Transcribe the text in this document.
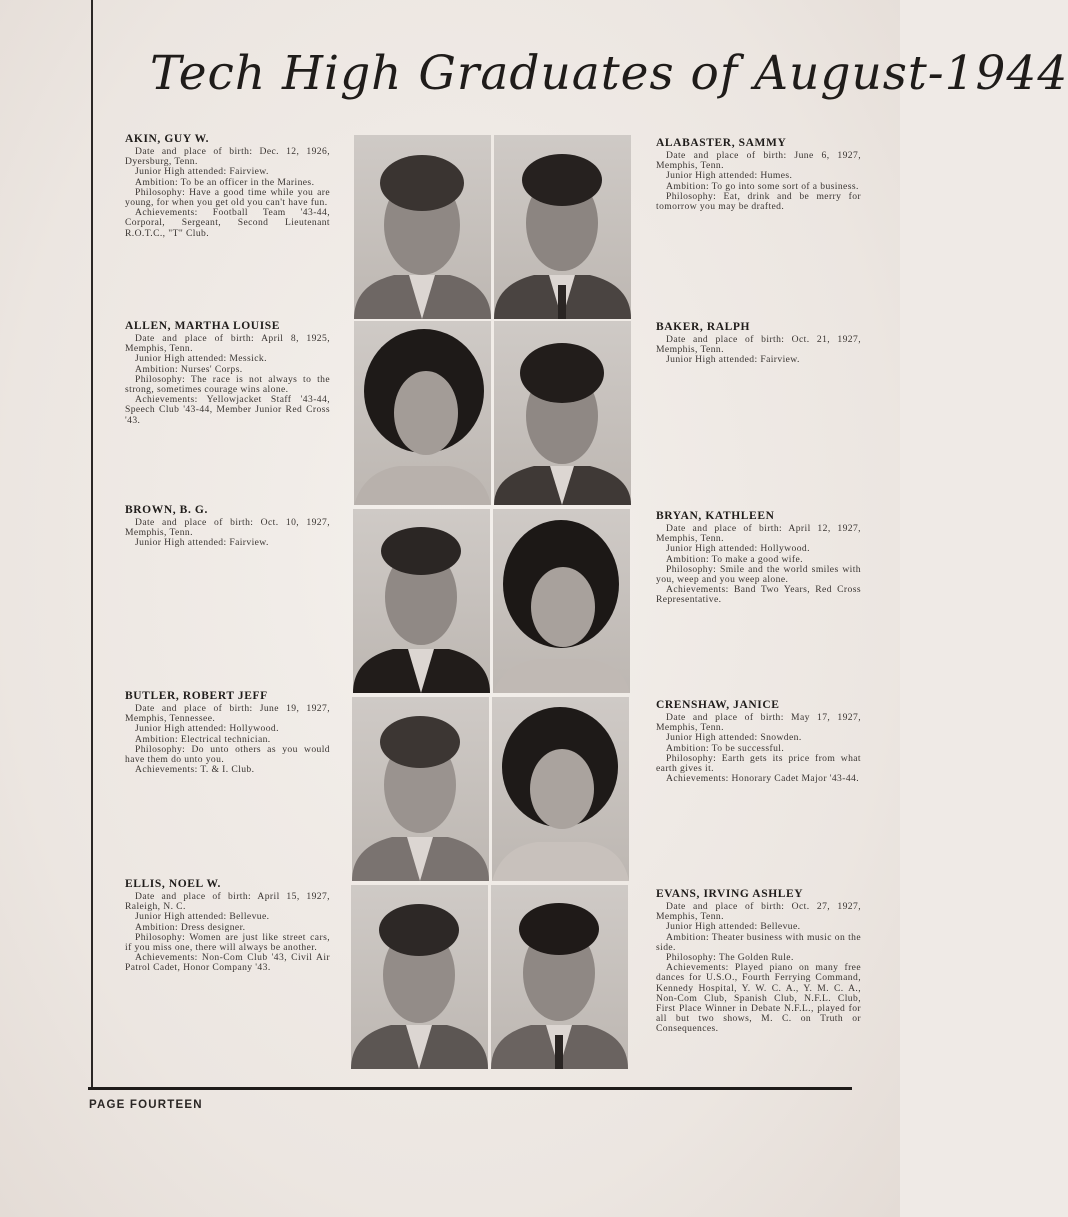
Tech High Graduates of August-1944
AKIN, GUY W.
Date and place of birth: Dec. 12, 1926, Dyersburg, Tenn.
Junior High attended: Fairview.
Ambition: To be an officer in the Marines.
Philosophy: Have a good time while you are young, for when you get old you can't have fun.
Achievements: Football Team '43-44, Corporal, Sergeant, Second Lieutenant R.O.T.C., "T" Club.
ALABASTER, SAMMY
Date and place of birth: June 6, 1927, Memphis, Tenn.
Junior High attended: Humes.
Ambition: To go into some sort of a business.
Philosophy: Eat, drink and be merry for tomorrow you may be drafted.
ALLEN, MARTHA LOUISE
Date and place of birth: April 8, 1925, Memphis, Tenn.
Junior High attended: Messick.
Ambition: Nurses' Corps.
Philosophy: The race is not always to the strong, sometimes courage wins alone.
Achievements: Yellowjacket Staff '43-44, Speech Club '43-44, Member Junior Red Cross '43.
BAKER, RALPH
Date and place of birth: Oct. 21, 1927, Memphis, Tenn.
Junior High attended: Fairview.
BROWN, B. G.
Date and place of birth: Oct. 10, 1927, Memphis, Tenn.
Junior High attended: Fairview.
BRYAN, KATHLEEN
Date and place of birth: April 12, 1927, Memphis, Tenn.
Junior High attended: Hollywood.
Ambition: To make a good wife.
Philosophy: Smile and the world smiles with you, weep and you weep alone.
Achievements: Band Two Years, Red Cross Representative.
BUTLER, ROBERT JEFF
Date and place of birth: June 19, 1927, Memphis, Tennessee.
Junior High attended: Hollywood.
Ambition: Electrical technician.
Philosophy: Do unto others as you would have them do unto you.
Achievements: T. & I. Club.
CRENSHAW, JANICE
Date and place of birth: May 17, 1927, Memphis, Tenn.
Junior High attended: Snowden.
Ambition: To be successful.
Philosophy: Earth gets its price from what earth gives it.
Achievements: Honorary Cadet Major '43-44.
ELLIS, NOEL W.
Date and place of birth: April 15, 1927, Raleigh, N. C.
Junior High attended: Bellevue.
Ambition: Dress designer.
Philosophy: Women are just like street cars, if you miss one, there will always be another.
Achievements: Non-Com Club '43, Civil Air Patrol Cadet, Honor Company '43.
EVANS, IRVING ASHLEY
Date and place of birth: Oct. 27, 1927, Memphis, Tenn.
Junior High attended: Bellevue.
Ambition: Theater business with music on the side.
Philosophy: The Golden Rule.
Achievements: Played piano on many free dances for U.S.O., Fourth Ferrying Command, Kennedy Hospital, Y. W. C. A., Y. M. C. A., Non-Com Club, Spanish Club, N.F.L. Club, First Place Winner in Debate N.F.L., played for all but two shows, M. C. on Truth or Consequences.
PAGE FOURTEEN
